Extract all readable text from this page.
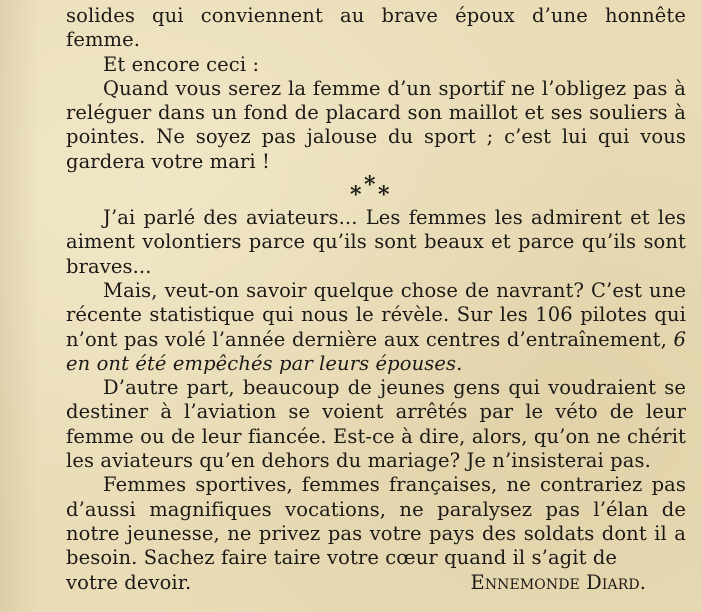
solides qui conviennent au brave époux d’une honnête

femme.

Et encore ceci :

Quand vous serez la femme d’un sportif ne l’obligez pas à reléguer dans un fond de placard son maillot et ses souliers à pointes. Ne soyez pas jalouse du sport ; c’est lui qui vous gardera votre mari !

* * *

J’ai parlé des aviateurs... Les femmes les admirent et les aiment volontiers parce qu’ils sont beaux et parce qu’ils sont braves...

Mais, veut-on savoir quelque chose de navrant? C’est une récente statistique qui nous le révèle. Sur les 106 pilotes qui n’ont pas volé l’année dernière aux centres d’entraînement, 6 en ont été empêchés par leurs épouses.

D’autre part, beaucoup de jeunes gens qui voudraient se destiner à l’aviation se voient arrêtés par le véto de leur femme ou de leur fiancée. Est-ce à dire, alors, qu’on ne chérit les aviateurs qu’en dehors du mariage? Je n’insisterai pas.

Femmes sportives, femmes françaises, ne contrariez pas d’aussi magnifiques vocations, ne paralysez pas l’élan de notre jeunesse, ne privez pas votre pays des soldats dont il a besoin. Sachez faire taire votre cœur quand il s’agit de

votre devoir.	Ennemonde Diard.
